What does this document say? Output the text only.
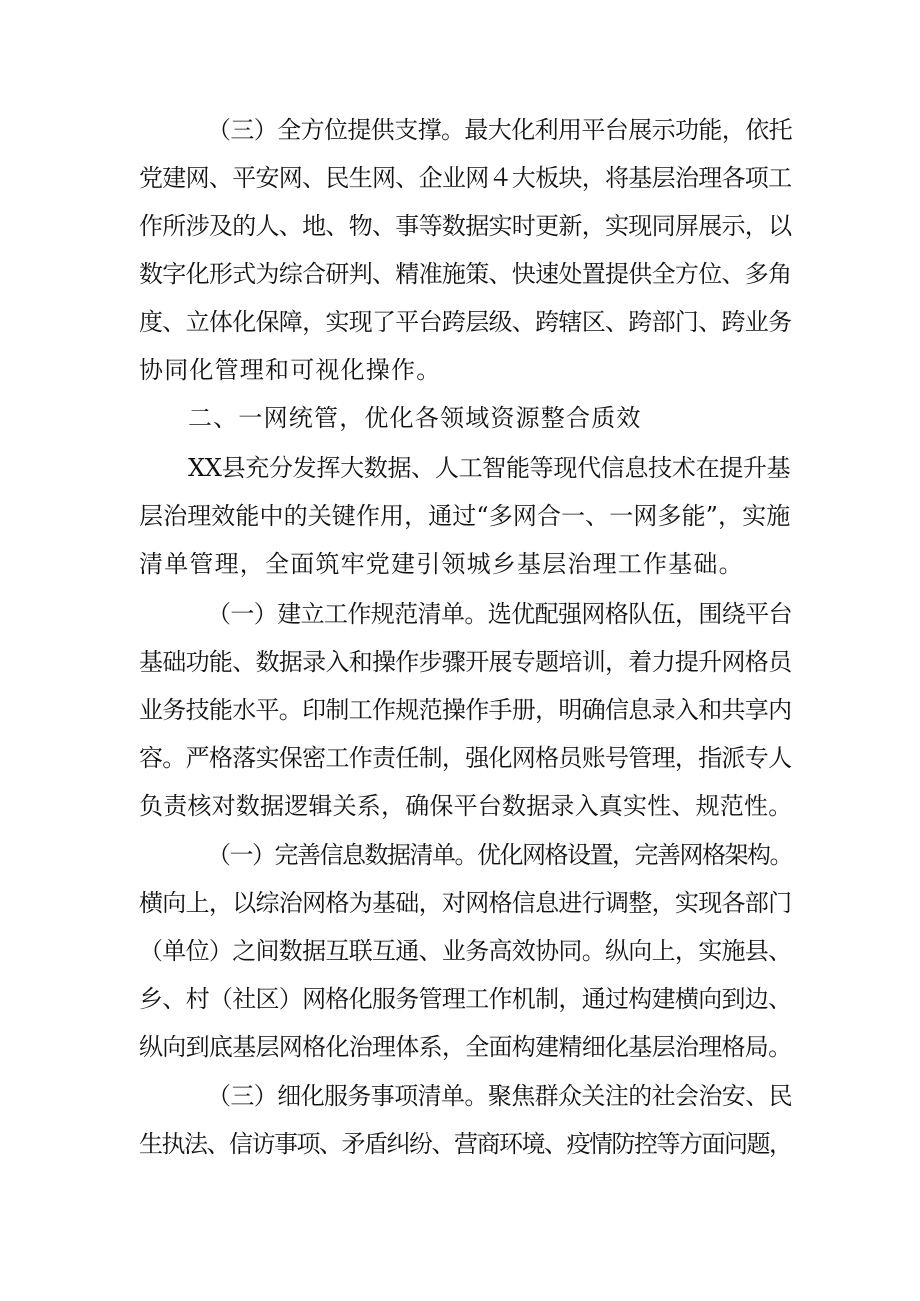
（三）全方位提供支撑。最大化利用平台展示功能，依托
党建网、平安网、民生网、企业网４大板块，将基层治理各项工
作所涉及的人、地、物、事等数据实时更新，实现同屏展示，以
数字化形式为综合研判、精准施策、快速处置提供全方位、多角
度、立体化保障，实现了平台跨层级、跨辖区、跨部门、跨业务
协同化管理和可视化操作。
二、一网统管，优化各领域资源整合质效
XX县充分发挥大数据、人工智能等现代信息技术在提升基
层治理效能中的关键作用，通过“多网合一、一网多能”，实施
清单管理，全面筑牢党建引领城乡基层治理工作基础。
（一）建立工作规范清单。选优配强网格队伍，围绕平台
基础功能、数据录入和操作步骤开展专题培训，着力提升网格员
业务技能水平。印制工作规范操作手册，明确信息录入和共享内
容。严格落实保密工作责任制，强化网格员账号管理，指派专人
负责核对数据逻辑关系，确保平台数据录入真实性、规范性。
（一）完善信息数据清单。优化网格设置，完善网格架构。
横向上，以综治网格为基础，对网格信息进行调整，实现各部门
（单位）之间数据互联互通、业务高效协同。纵向上，实施县、
乡、村（社区）网格化服务管理工作机制，通过构建横向到边、
纵向到底基层网格化治理体系，全面构建精细化基层治理格局。
（三）细化服务事项清单。聚焦群众关注的社会治安、民
生执法、信访事项、矛盾纠纷、营商环境、疫情防控等方面问题，
